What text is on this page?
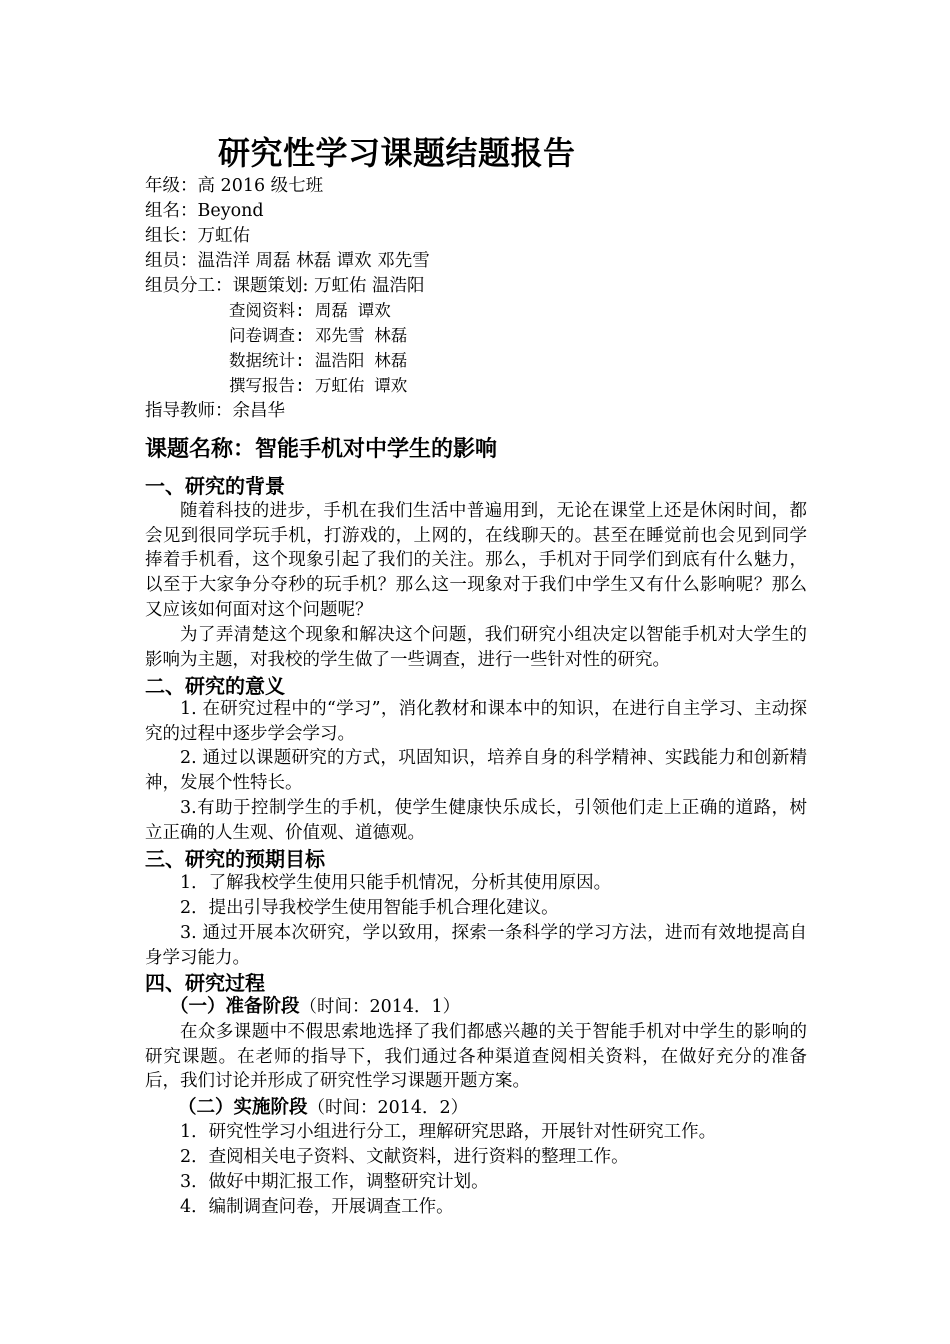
研究性学习课题结题报告
年级：高 2016 级七班
组名：Beyond
组长：万虹佑
组员：温浩洋 周磊 林磊 谭欢 邓先雪
组员分工：课题策划: 万虹佑 温浩阳
查阅资料: 周磊 谭欢
问卷调查: 邓先雪 林磊
数据统计: 温浩阳 林磊
撰写报告: 万虹佑 谭欢
指导教师：余昌华
课题名称：智能手机对中学生的影响
一、研究的背景

随着科技的进步，手机在我们生活中普遍用到，无论在课堂上还是休闲时间，都会见到很同学玩手机，打游戏的，上网的，在线聊天的。甚至在睡觉前也会见到同学捧着手机看，这个现象引起了我们的关注。那么，手机对于同学们到底有什么魅力，以至于大家争分夺秒的玩手机？那么这一现象对于我们中学生又有什么影响呢？那么又应该如何面对这个问题呢？

为了弄清楚这个现象和解决这个问题，我们研究小组决定以智能手机对大学生的影响为主题，对我校的学生做了一些调查，进行一些针对性的研究。

二、研究的意义

1. 在研究过程中的“学习”，消化教材和课本中的知识，在进行自主学习、主动探究的过程中逐步学会学习。

2. 通过以课题研究的方式，巩固知识，培养自身的科学精神、实践能力和创新精神，发展个性特长。

3.有助于控制学生的手机，使学生健康快乐成长，引领他们走上正确的道路，树立正确的人生观、价值观、道德观。

三、研究的预期目标

1．了解我校学生使用只能手机情况，分析其使用原因。

2．提出引导我校学生使用智能手机合理化建议。

3. 通过开展本次研究，学以致用，探索一条科学的学习方法，进而有效地提高自身学习能力。

四、研究过程
（一）准备阶段（时间：2014．1）

在众多课题中不假思索地选择了我们都感兴趣的关于智能手机对中学生的影响的研究课题。在老师的指导下，我们通过各种渠道查阅相关资料，在做好充分的准备后，我们讨论并形成了研究性学习课题开题方案。

（二）实施阶段（时间：2014．2）
1．研究性学习小组进行分工，理解研究思路，开展针对性研究工作。
2．查阅相关电子资料、文献资料，进行资料的整理工作。
3．做好中期汇报工作，调整研究计划。
4．编制调查问卷，开展调查工作。
